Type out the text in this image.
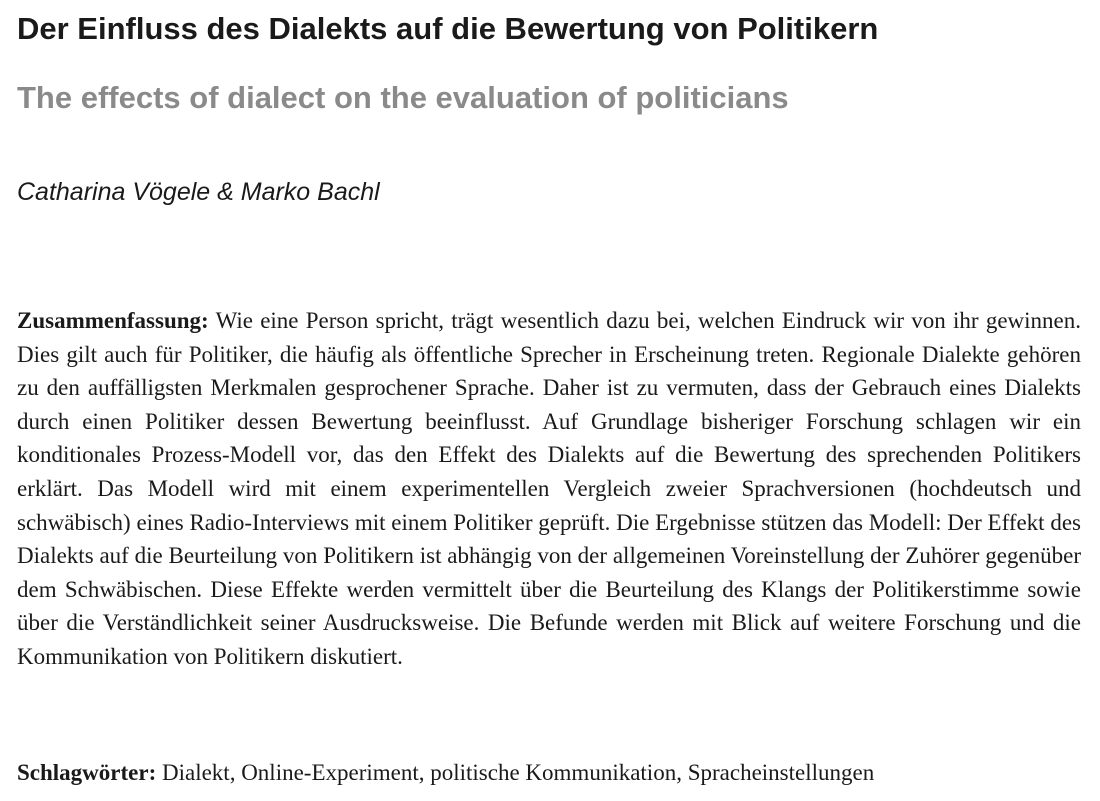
Der Einfluss des Dialekts auf die Bewertung von Politikern
The effects of dialect on the evaluation of politicians

Catharina Vögele & Marko Bachl

Zusammenfassung: Wie eine Person spricht, trägt wesentlich dazu bei, welchen Eindruck wir von ihr gewinnen. Dies gilt auch für Politiker, die häufig als öffentliche Sprecher in Erscheinung treten. Regionale Dialekte gehören zu den auffälligsten Merkmalen gesprochener Sprache. Daher ist zu vermuten, dass der Gebrauch eines Dialekts durch einen Politiker dessen Bewertung beeinflusst. Auf Grundlage bisheriger Forschung schlagen wir ein konditionales Prozess-Modell vor, das den Effekt des Dialekts auf die Bewertung des sprechenden Politikers erklärt. Das Modell wird mit einem experimentellen Vergleich zweier Sprachversionen (hochdeutsch und schwäbisch) eines Radio-Interviews mit einem Politiker geprüft. Die Ergebnisse stützen das Modell: Der Effekt des Dialekts auf die Beurteilung von Politikern ist abhängig von der allgemeinen Voreinstellung der Zuhörer gegenüber dem Schwäbischen. Diese Effekte werden vermittelt über die Beurteilung des Klangs der Politikerstimme sowie über die Verständlichkeit seiner Ausdrucksweise. Die Befunde werden mit Blick auf weitere Forschung und die Kommunikation von Politikern diskutiert.

Schlagwörter: Dialekt, Online-Experiment, politische Kommunikation, Spracheinstellungen
